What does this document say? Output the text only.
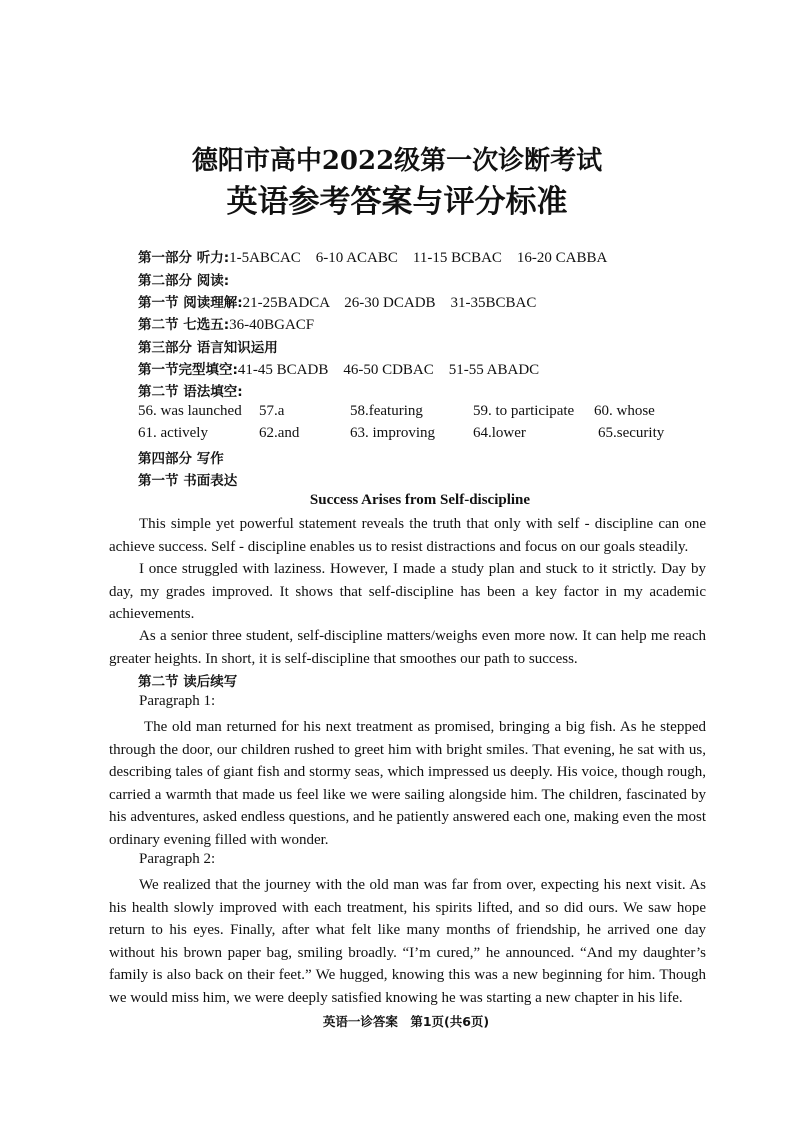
德阳市高中2022级第一次诊断考试
英语参考答案与评分标准
第一部分 听力:1-5ABCAC　6-10 ACABC　11-15 BCBAC　16-20 CABBA
第二部分 阅读:
第一节 阅读理解:21-25BADCA　26-30 DCADB　31-35BCBAC
第二节 七选五:36-40BGACF
第三部分 语言知识运用
第一节完型填空:41-45 BCADB　46-50 CDBAC　51-55 ABADC
第二节 语法填空:
56. was launched 57.a	58.featuring	59. to participate 60. whose
61. actively	62.and	63. improving	64.lower	65.security
第四部分 写作
第一节 书面表达
Success Arises from Self-discipline

This simple yet powerful statement reveals the truth that only with self - discipline can one achieve success. Self - discipline enables us to resist distractions and focus on our goals steadily.

I once struggled with laziness. However, I made a study plan and stuck to it strictly. Day by day, my grades improved. It shows that self-discipline has been a key factor in my academic achievements.

As a senior three student, self-discipline matters/weighs even more now. It can help me reach greater heights. In short, it is self-discipline that smoothes our path to success.

第二节 读后续写
Paragraph 1:

The old man returned for his next treatment as promised, bringing a big fish. As he stepped through the door, our children rushed to greet him with bright smiles. That evening, he sat with us, describing tales of giant fish and stormy seas, which impressed us deeply. His voice, though rough, carried a warmth that made us feel like we were sailing alongside him. The children, fascinated by his adventures, asked endless questions, and he patiently answered each one, making even the most ordinary evening filled with wonder.

Paragraph 2:

We realized that the journey with the old man was far from over, expecting his next visit. As his health slowly improved with each treatment, his spirits lifted, and so did ours. We saw hope return to his eyes. Finally, after what felt like many months of friendship, he arrived one day without his brown paper bag, smiling broadly. “I’m cured,” he announced. “And my daughter’s family is also back on their feet.” We hugged, knowing this was a new beginning for him. Though we would miss him, we were deeply satisfied knowing he was starting a new chapter in his life.

英语一诊答案　第1页(共6页)
